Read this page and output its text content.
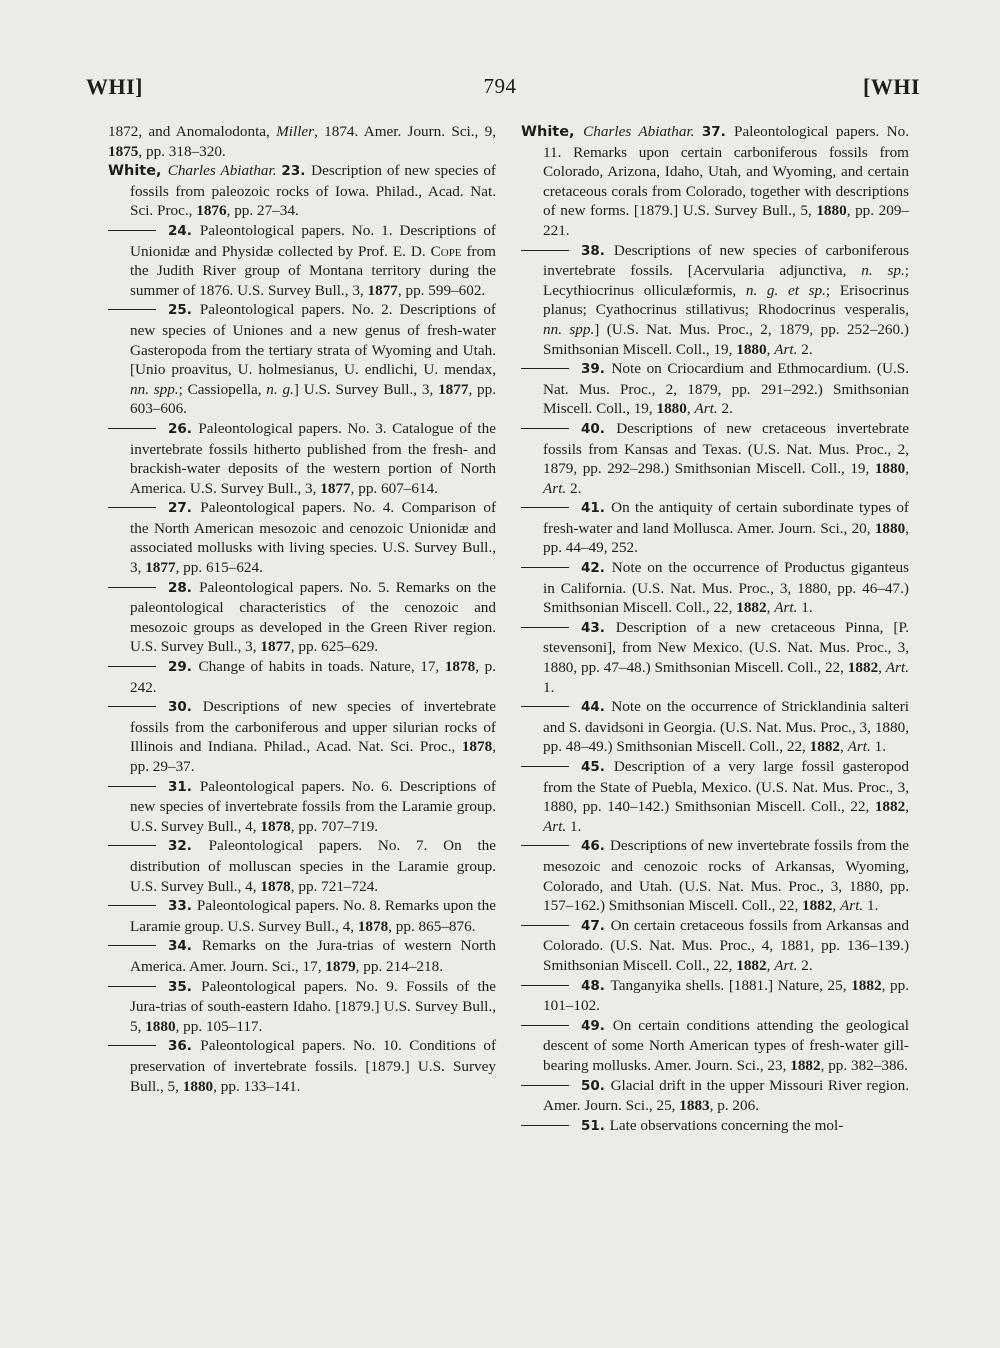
794
WHI]	[WHI

1872, and Anomalodonta, Miller, 1874. Amer. Journ. Sci., 9, 1875, pp. 318–320.

White, Charles Abiathar. 23. Description of new species of fossils from paleozoic rocks of Iowa. Philad., Acad. Nat. Sci. Proc., 1876, pp. 27–34.

24. Paleontological papers. No. 1. Descriptions of Unionidæ and Physidæ collected by Prof. E. D. Cope from the Judith River group of Montana territory during the summer of 1876. U.S. Survey Bull., 3, 1877, pp. 599–602.

25. Paleontological papers. No. 2. Descriptions of new species of Uniones and a new genus of fresh-water Gasteropoda from the tertiary strata of Wyoming and Utah. [Unio proavitus, U. holmesianus, U. endlichi, U. mendax, nn. spp.; Cassiopella, n. g.] U.S. Survey Bull., 3, 1877, pp. 603–606.

26. Paleontological papers. No. 3. Catalogue of the invertebrate fossils hitherto published from the fresh- and brackish-water deposits of the western portion of North America. U.S. Survey Bull., 3, 1877, pp. 607–614.

27. Paleontological papers. No. 4. Comparison of the North American mesozoic and cenozoic Unionidæ and associated mollusks with living species. U.S. Survey Bull., 3, 1877, pp. 615–624.

28. Paleontological papers. No. 5. Remarks on the paleontological characteristics of the cenozoic and mesozoic groups as developed in the Green River region. U.S. Survey Bull., 3, 1877, pp. 625–629.

29. Change of habits in toads. Nature, 17, 1878, p. 242.

30. Descriptions of new species of invertebrate fossils from the carboniferous and upper silurian rocks of Illinois and Indiana. Philad., Acad. Nat. Sci. Proc., 1878, pp. 29–37.

31. Paleontological papers. No. 6. Descriptions of new species of invertebrate fossils from the Laramie group. U.S. Survey Bull., 4, 1878, pp. 707–719.

32. Paleontological papers. No. 7. On the distribution of molluscan species in the Laramie group. U.S. Survey Bull., 4, 1878, pp. 721–724.

33. Paleontological papers. No. 8. Remarks upon the Laramie group. U.S. Survey Bull., 4, 1878, pp. 865–876.

34. Remarks on the Jura-trias of western North America. Amer. Journ. Sci., 17, 1879, pp. 214–218.

35. Paleontological papers. No. 9. Fossils of the Jura-trias of south-eastern Idaho. [1879.] U.S. Survey Bull., 5, 1880, pp. 105–117.

36. Paleontological papers. No. 10. Conditions of preservation of invertebrate fossils. [1879.] U.S. Survey Bull., 5, 1880, pp. 133–141.

White, Charles Abiathar. 37. Paleontological papers. No. 11. Remarks upon certain carboniferous fossils from Colorado, Arizona, Idaho, Utah, and Wyoming, and certain cretaceous corals from Colorado, together with descriptions of new forms. [1879.] U.S. Survey Bull., 5, 1880, pp. 209–221.

38. Descriptions of new species of carboniferous invertebrate fossils. [Acervularia adjunctiva, n. sp.; Lecythiocrinus olliculæformis, n. g. et sp.; Erisocrinus planus; Cyathocrinus stillativus; Rhodocrinus vesperalis, nn. spp.] (U.S. Nat. Mus. Proc., 2, 1879, pp. 252–260.) Smithsonian Miscell. Coll., 19, 1880, Art. 2.

39. Note on Criocardium and Ethmocardium. (U.S. Nat. Mus. Proc., 2, 1879, pp. 291–292.) Smithsonian Miscell. Coll., 19, 1880, Art. 2.

40. Descriptions of new cretaceous invertebrate fossils from Kansas and Texas. (U.S. Nat. Mus. Proc., 2, 1879, pp. 292–298.) Smithsonian Miscell. Coll., 19, 1880, Art. 2.

41. On the antiquity of certain subordinate types of fresh-water and land Mollusca. Amer. Journ. Sci., 20, 1880, pp. 44–49, 252.

42. Note on the occurrence of Productus giganteus in California. (U.S. Nat. Mus. Proc., 3, 1880, pp. 46–47.) Smithsonian Miscell. Coll., 22, 1882, Art. 1.

43. Description of a new cretaceous Pinna, [P. stevensoni], from New Mexico. (U.S. Nat. Mus. Proc., 3, 1880, pp. 47–48.) Smithsonian Miscell. Coll., 22, 1882, Art. 1.

44. Note on the occurrence of Stricklandinia salteri and S. davidsoni in Georgia. (U.S. Nat. Mus. Proc., 3, 1880, pp. 48–49.) Smithsonian Miscell. Coll., 22, 1882, Art. 1.

45. Description of a very large fossil gasteropod from the State of Puebla, Mexico. (U.S. Nat. Mus. Proc., 3, 1880, pp. 140–142.) Smithsonian Miscell. Coll., 22, 1882, Art. 1.

46. Descriptions of new invertebrate fossils from the mesozoic and cenozoic rocks of Arkansas, Wyoming, Colorado, and Utah. (U.S. Nat. Mus. Proc., 3, 1880, pp. 157–162.) Smithsonian Miscell. Coll., 22, 1882, Art. 1.

47. On certain cretaceous fossils from Arkansas and Colorado. (U.S. Nat. Mus. Proc., 4, 1881, pp. 136–139.) Smithsonian Miscell. Coll., 22, 1882, Art. 2.

48. Tanganyika shells. [1881.] Nature, 25, 1882, pp. 101–102.

49. On certain conditions attending the geological descent of some North American types of fresh-water gill-bearing mollusks. Amer. Journ. Sci., 23, 1882, pp. 382–386.

50. Glacial drift in the upper Missouri River region. Amer. Journ. Sci., 25, 1883, p. 206.

51. Late observations concerning the mol-
